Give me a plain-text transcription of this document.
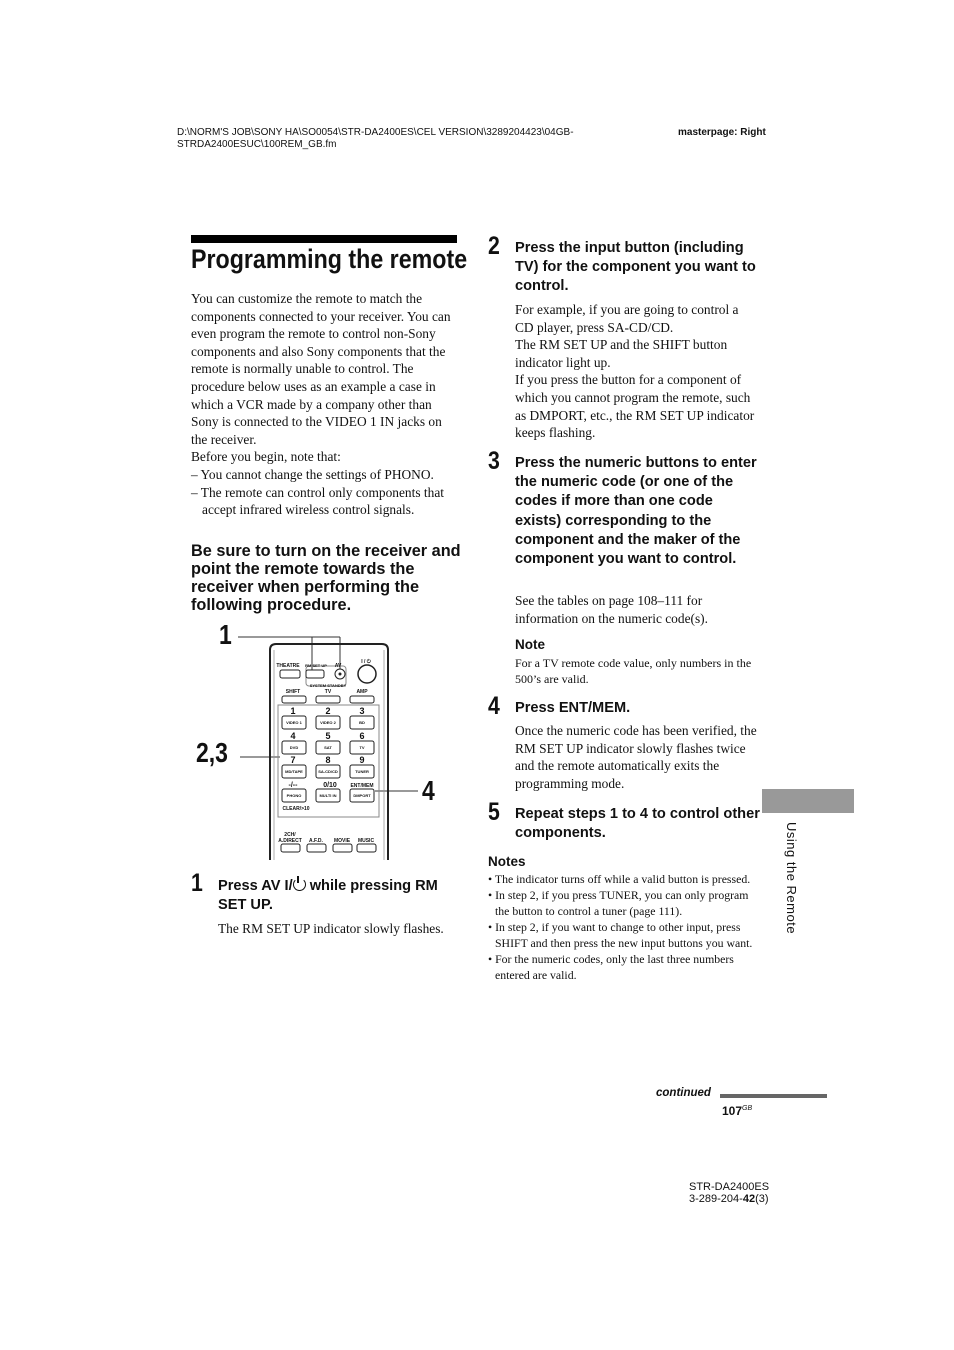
D:\NORM'S JOB\SONY HA\SO0054\STR-DA2400ES\CEL VERSION\3289204423\04GB-
STRDA2400ESUC\100REM_GB.fm
masterpage: Right
Programming the remote

You can customize the remote to match the components connected to your receiver. You can even program the remote to control non-Sony components and also Sony components that the remote is normally unable to control. The procedure below uses as an example a case in which a VCR made by a company other than Sony is connected to the VIDEO 1 IN jacks on the receiver.

Before you begin, note that:

– You cannot change the settings of PHONO.

– The remote can control only components that accept infrared wireless control signals.

Be sure to turn on the receiver and point the remote towards the receiver when performing the following procedure.
1
2,3
4
THEATRE RM SET UP AV
I / ⏻
SYSTEM STANDBY
SHIFT	TV	AMP
1	2	3
4	5	6
7	8	9
-/--	0/10	ENT/MEM
VIDEO 1	VIDEO 2	BD
DVD	SAT	TV
MD/TAPE	SA-CD/CD	TUNER
PHONO	MULTI IN	DMPORT
CLEAR/>10
2CH/
A.DIRECT A.F.D. MOVIE MUSIC
1 Press AV I/
while pressing RM SET UP.
The RM SET UP indicator slowly flashes.
2 Press the input button (including TV) for the component you want to control.

For example, if you are going to control a CD player, press SA-CD/CD.

The RM SET UP and the SHIFT button indicator light up.

If you press the button for a component of which you cannot program the remote, such as DMPORT, etc., the RM SET UP indicator keeps flashing.

3 Press the numeric buttons to enter the numeric code (or one of the codes if more than one code exists) corresponding to the component and the maker of the component you want to control.
See the tables on page 108–111 for information on the numeric code(s).
Note
For a TV remote code value, only numbers in the 500’s are valid.
4 Press ENT/MEM.
Once the numeric code has been verified, the RM SET UP indicator slowly flashes twice and the remote automatically exits the programming mode.
5 Repeat steps 1 to 4 to control other components.
Notes
• The indicator turns off while a valid button is pressed.
• In step 2, if you press TUNER, you can only program the button to control a tuner (page 111).
• In step 2, if you want to change to other input, press SHIFT and then press the new input buttons you want.
• For the numeric codes, only the last three numbers entered are valid.
Using the Remote
continued
$107^{GB}$
STR-DA2400ES
3-289-204-42(3)
